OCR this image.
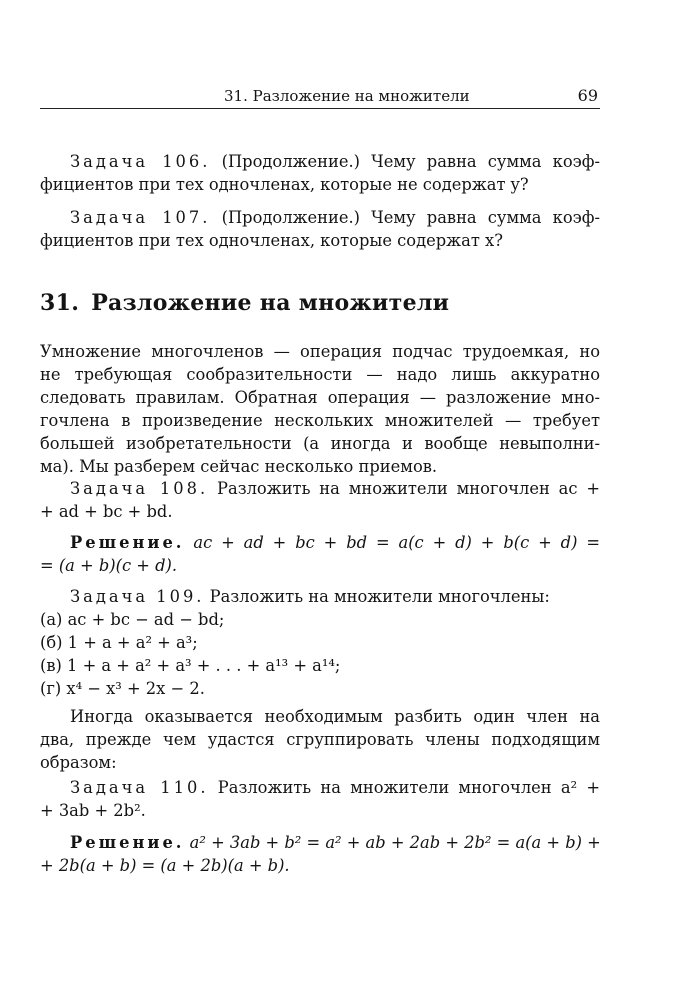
31. Разложение на множители	69
Задача 106. (Продолжение.) Чему равна сумма коэф-
фициентов при тех одночленах, которые не содержат y?
Задача 107. (Продолжение.) Чему равна сумма коэф-
фициентов при тех одночленах, которые содержат x?
31. Разложение на множители
Умножение многочленов — операция подчас трудоемкая, но
не требующая сообразительности — надо лишь аккуратно
следовать правилам. Обратная операция — разложение мно-
гочлена в произведение нескольких множителей — требует
большей изобретательности (а иногда и вообще невыполни-
ма). Мы разберем сейчас несколько приемов.
Задача 108. Разложить на множители многочлен ac +
+ ad + bc + bd.
Решение. ac + ad + bc + bd = a(c + d) + b(c + d) =
= (a + b)(c + d).
Задача 109. Разложить на множители многочлены:
(а) ac + bc − ad − bd;
(б) 1 + a + a² + a³;
(в) 1 + a + a² + a³ + . . . + a¹³ + a¹⁴;
(г) x⁴ − x³ + 2x − 2.
Иногда оказывается необходимым разбить один член на
два, прежде чем удастся сгруппировать члены подходящим
образом:
Задача 110. Разложить на множители многочлен a² +
+ 3ab + 2b².
Решение. a² + 3ab + b² = a² + ab + 2ab + 2b² = a(a + b) +
+ 2b(a + b) = (a + 2b)(a + b).
